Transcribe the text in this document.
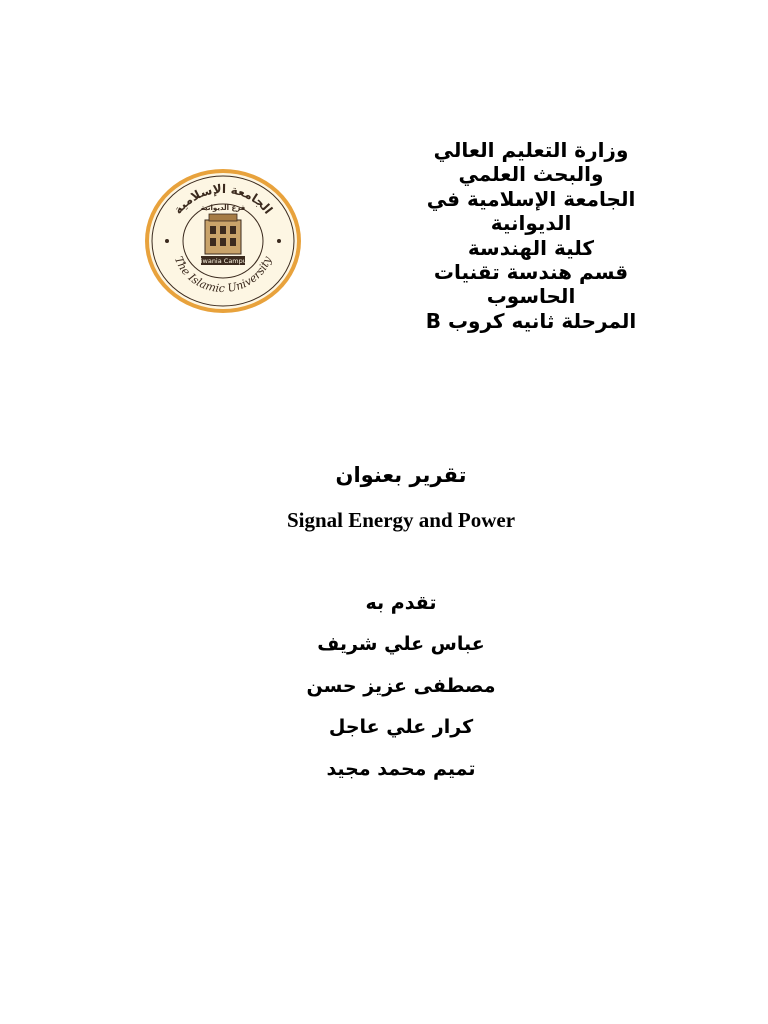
الجامعة الإسلامية
The Islamic University
فرع الديوانية
Diwania Campus
وزارة التعليم العالي
والبحث العلمي
الجامعة الإسلامية في
الديوانية
كلية الهندسة
قسم هندسة تقنيات
الحاسوب
المرحلة ثانيه كروب B
تقرير بعنوان
Signal Energy and Power
تقدم به
عباس علي شريف
مصطفى عزيز حسن
كرار علي عاجل
تميم محمد مجيد
